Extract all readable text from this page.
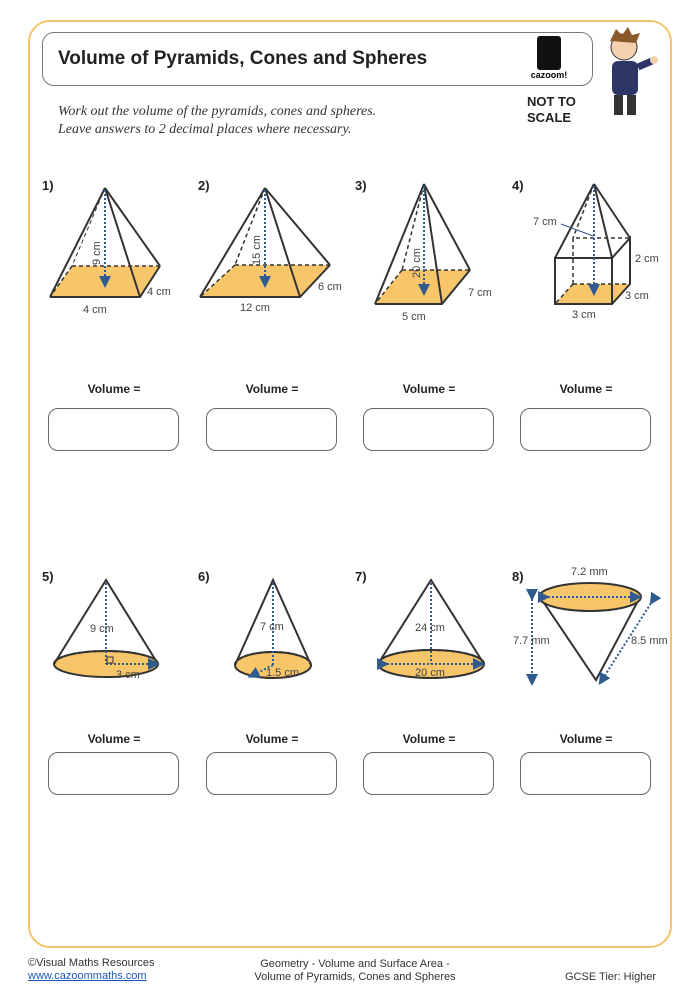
Volume of Pyramids, Cones and Spheres
cazoom!
NOT TO
SCALE
Work out the volume of the pyramids, cones and spheres.
Leave answers to 2 decimal places where necessary.
1)
9 cm
4 cm
4 cm
2)
15 cm
12 cm
6 cm
3)
20 cm
5 cm
7 cm
4)
7 cm
2 cm
3 cm
3 cm
Volume =	Volume =	Volume =	Volume =
5)
9 cm
3 cm
6)
7 cm
1.5 cm
7)
24 cm
20 cm
8)	7.2 mm
7.7 mm	8.5 mm
Volume =	Volume =	Volume =	Volume =
©Visual Maths Resources
www.cazoommaths.com
Geometry - Volume and Surface Area -
Volume of Pyramids, Cones and Spheres	GCSE Tier: Higher
